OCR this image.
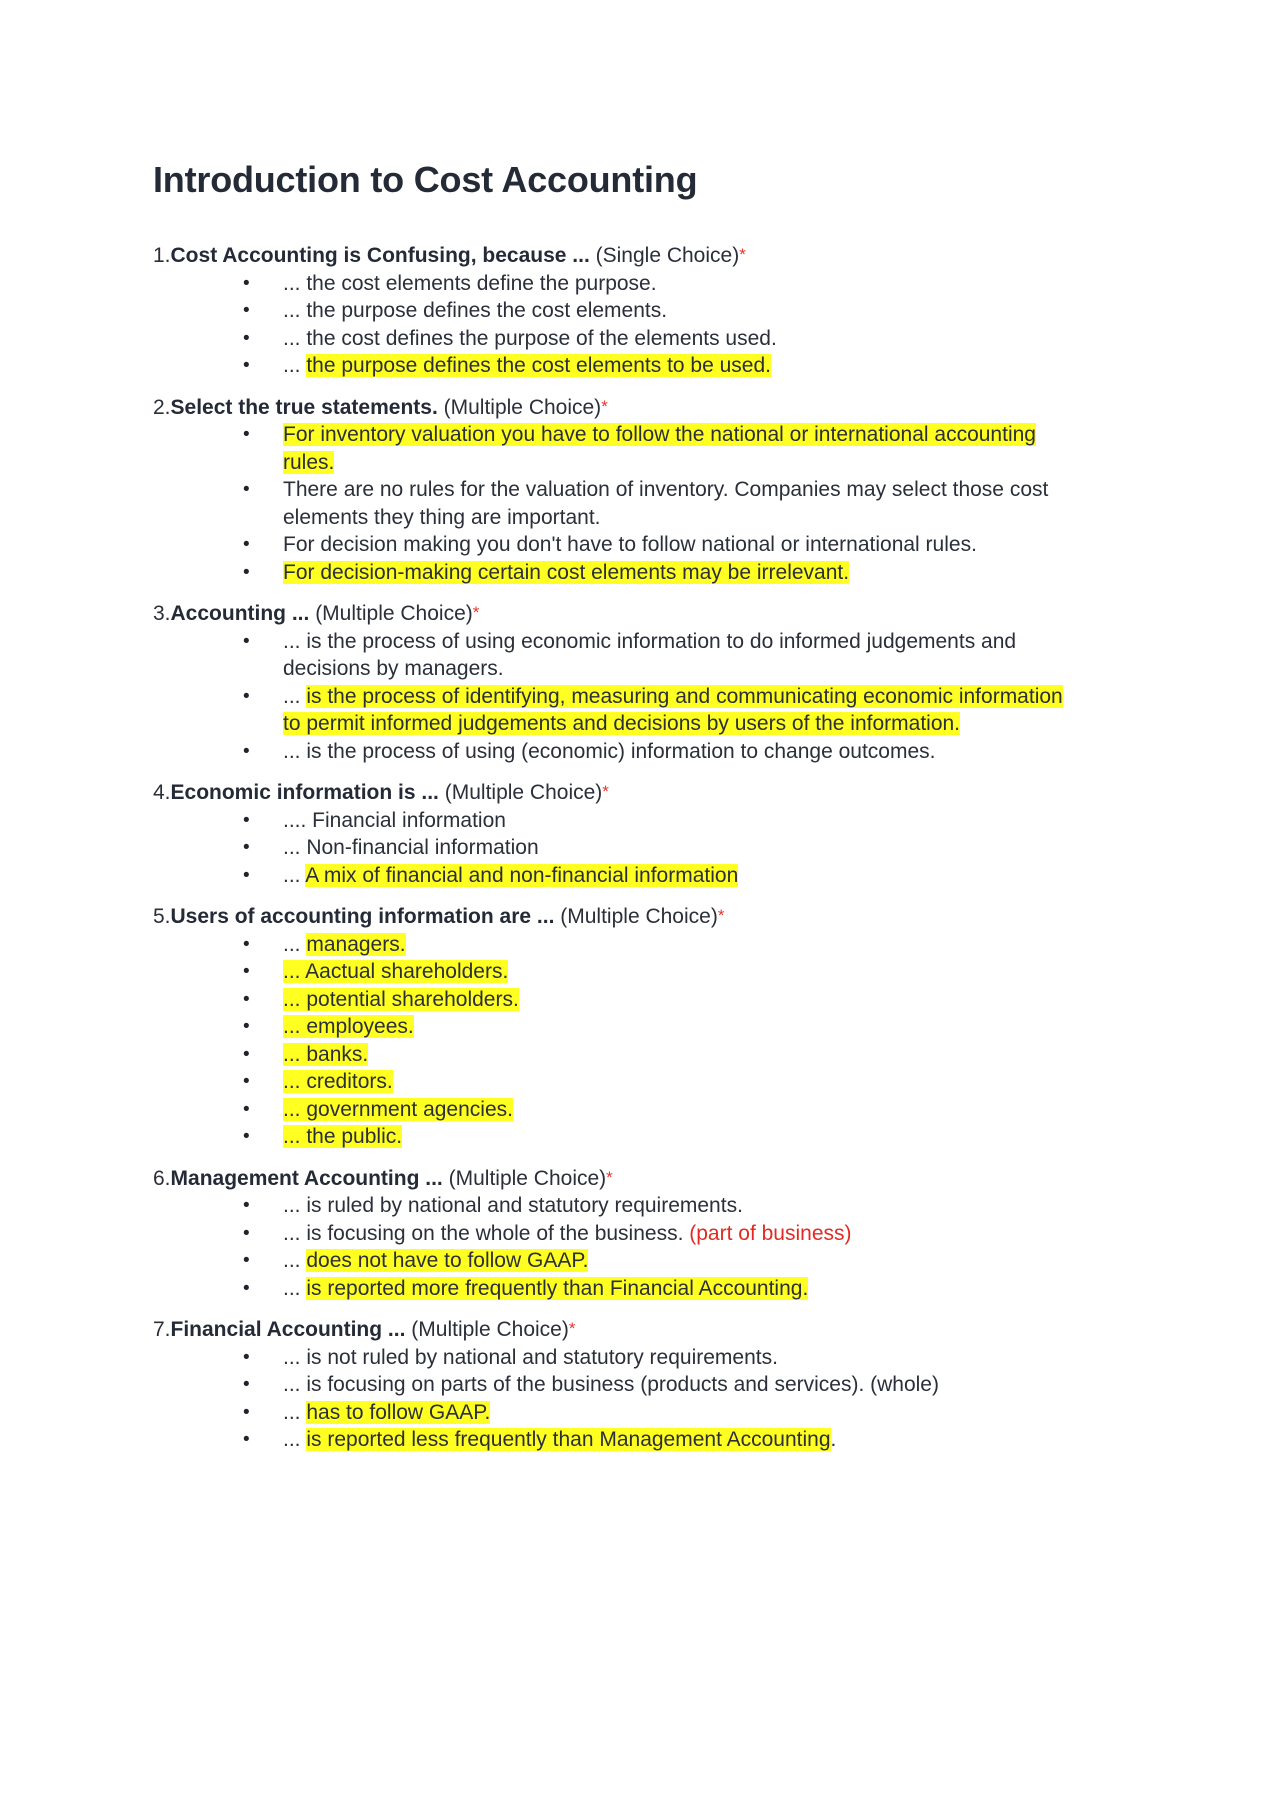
Introduction to Cost Accounting
1.Cost Accounting is Confusing, because ... (Single Choice)*
• ... the cost elements define the purpose.
• ... the purpose defines the cost elements.
• ... the cost defines the purpose of the elements used.
• ... the purpose defines the cost elements to be used.
2.Select the true statements. (Multiple Choice)*
• For inventory valuation you have to follow the national or international accounting rules.
• There are no rules for the valuation of inventory. Companies may select those cost elements they thing are important.
• For decision making you don't have to follow national or international rules.
• For decision-making certain cost elements may be irrelevant.
3.Accounting ... (Multiple Choice)*
• ... is the process of using economic information to do informed judgements and decisions by managers.
• ... is the process of identifying, measuring and communicating economic information to permit informed judgements and decisions by users of the information.
• ... is the process of using (economic) information to change outcomes.
4.Economic information is ... (Multiple Choice)*
• .... Financial information
• ... Non-financial information
• ... A mix of financial and non-financial information
5.Users of accounting information are ... (Multiple Choice)*
• ... managers.
• ... Aactual shareholders.
• ... potential shareholders.
• ... employees.
• ... banks.
• ... creditors.
• ... government agencies.
• ... the public.
6.Management Accounting ... (Multiple Choice)*
• ... is ruled by national and statutory requirements.
• ... is focusing on the whole of the business. (part of business)
• ... does not have to follow GAAP.
• ... is reported more frequently than Financial Accounting.
7.Financial Accounting ... (Multiple Choice)*
• ... is not ruled by national and statutory requirements.
• ... is focusing on parts of the business (products and services). (whole)
• ... has to follow GAAP.
• ... is reported less frequently than Management Accounting.
